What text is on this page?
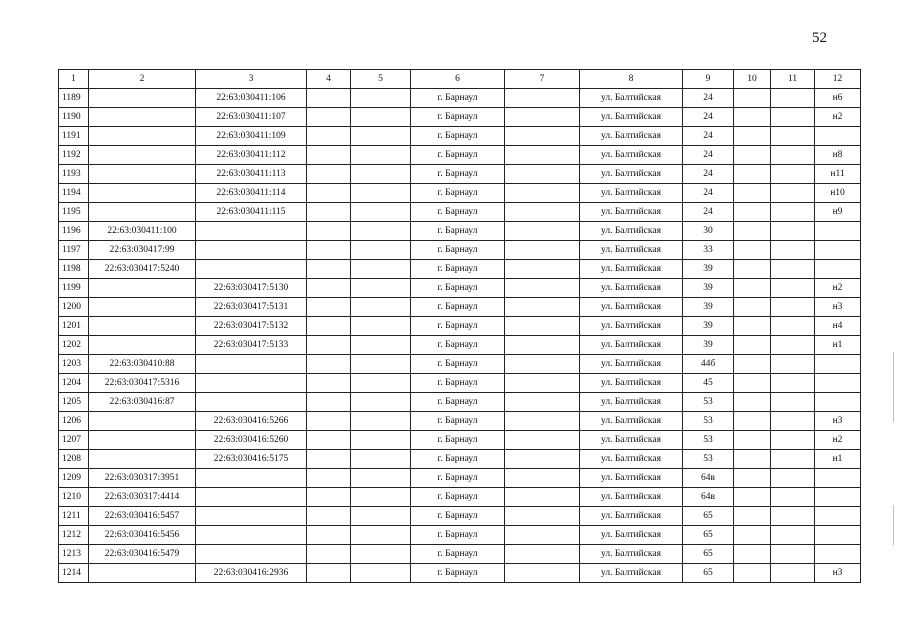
52
1	2	3	4	5	6	7	8	9	10	11	12
1189		22:63:030411:106			г. Барнаул		ул. Балтийская	24			н6
1190		22:63:030411:107			г. Барнаул		ул. Балтийская	24			н2
1191		22:63:030411:109			г. Барнаул		ул. Балтийская	24			
1192		22:63:030411:112			г. Барнаул		ул. Балтийская	24			н8
1193		22:63:030411:113			г. Барнаул		ул. Балтийская	24			н11
1194		22:63:030411:114			г. Барнаул		ул. Балтийская	24			н10
1195		22:63:030411:115			г. Барнаул		ул. Балтийская	24			н9
1196	22:63:030411:100				г. Барнаул		ул. Балтийская	30			
1197	22:63:030417:99				г. Барнаул		ул. Балтийская	33			
1198	22:63:030417:5240				г. Барнаул		ул. Балтийская	39			
1199		22:63:030417:5130			г. Барнаул		ул. Балтийская	39			н2
1200		22:63:030417:5131			г. Барнаул		ул. Балтийская	39			н3
1201		22:63:030417:5132			г. Барнаул		ул. Балтийская	39			н4
1202		22:63:030417:5133			г. Барнаул		ул. Балтийская	39			н1
1203	22:63:030410:88				г. Барнаул		ул. Балтийская	44б			
1204	22:63:030417:5316				г. Барнаул		ул. Балтийская	45			
1205	22:63:030416:87				г. Барнаул		ул. Балтийская	53			
1206		22:63:030416:5266			г. Барнаул		ул. Балтийская	53			н3
1207		22:63:030416:5260			г. Барнаул		ул. Балтийская	53			н2
1208		22:63:030416:5175			г. Барнаул		ул. Балтийская	53			н1
1209	22:63:030317:3951				г. Барнаул		ул. Балтийская	64в			
1210	22:63:030317:4414				г. Барнаул		ул. Балтийская	64в			
1211	22:63:030416:5457				г. Барнаул		ул. Балтийская	65			
1212	22:63:030416:5456				г. Барнаул		ул. Балтийская	65			
1213	22:63:030416:5479				г. Барнаул		ул. Балтийская	65			
1214		22:63:030416:2936			г. Барнаул		ул. Балтийская	65			н3
